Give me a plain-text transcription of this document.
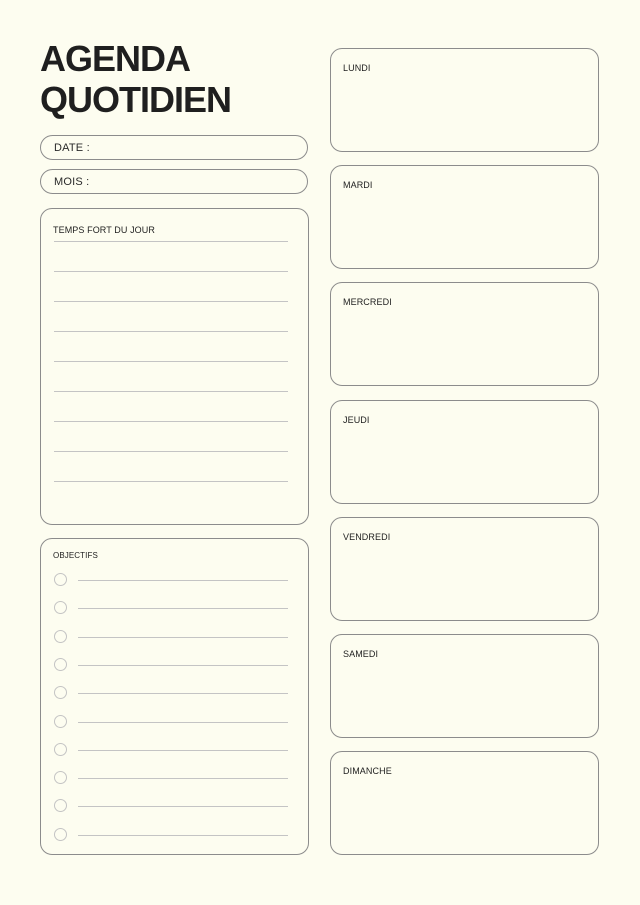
AGENDA
QUOTIDIEN
DATE :
MOIS :
TEMPS FORT DU JOUR
OBJECTIFS
LUNDI
MARDI
MERCREDI
JEUDI
VENDREDI
SAMEDI
DIMANCHE
